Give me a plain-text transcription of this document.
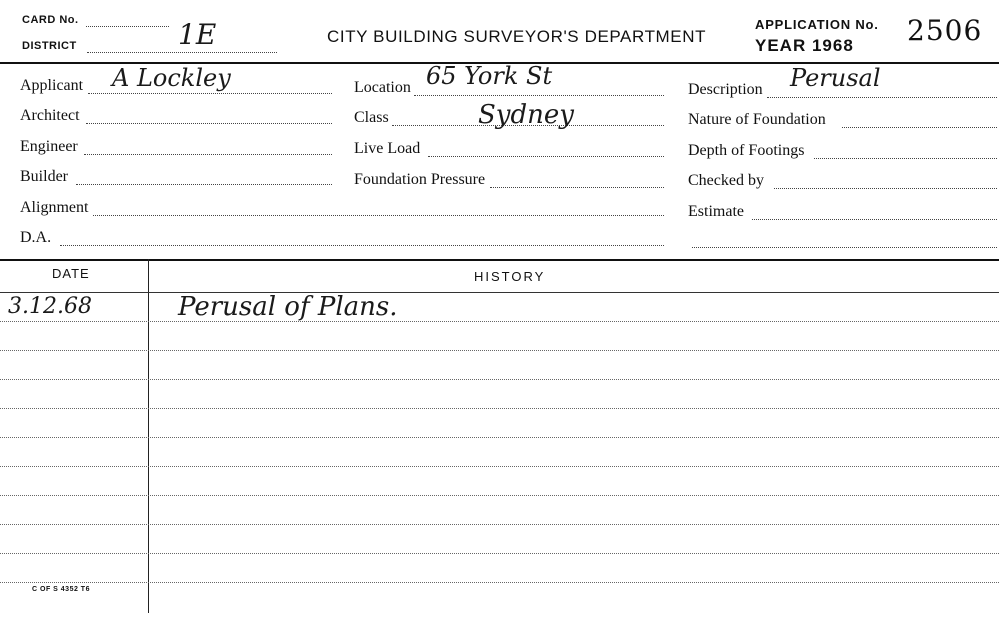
CARD No.
DISTRICT	1E	CITY BUILDING SURVEYOR'S DEPARTMENT
APPLICATION No. 2506
YEAR 1968
Applicant A Lockley
Architect
Engineer
Builder
Alignment
D.A.
Location 65 York St
Class	Sydney
Live Load
Foundation Pressure
Description Perusal
Nature of Foundation
Depth of Footings
Checked by
Estimate
DATE	HISTORY
3.12.68	Perusal of Plans.
C OF S 4352 T6
